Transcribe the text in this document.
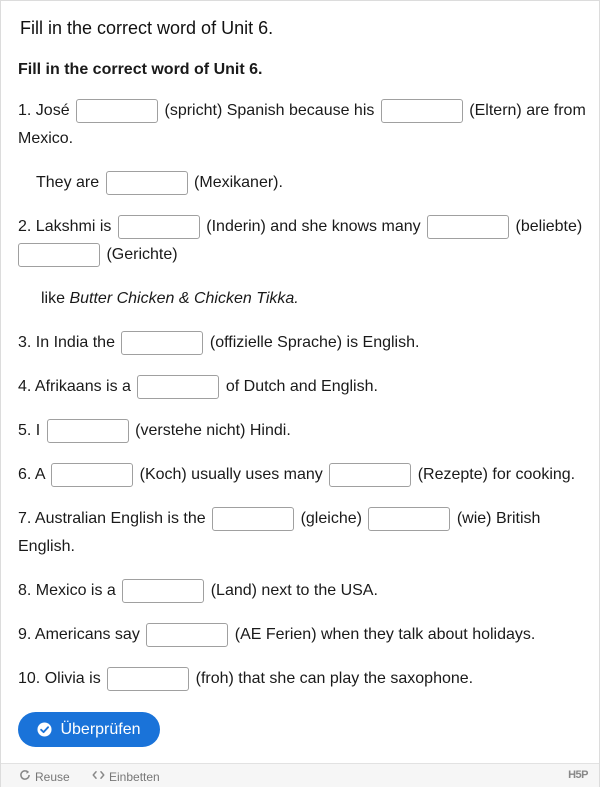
Fill in the correct word of Unit 6.
Fill in the correct word of Unit 6.
1. José	(spricht) Spanish because his	(Eltern) are from Mexico.
They are	(Mexikaner).
2. Lakshmi is	(Inderin) and she knows many	(beliebte)  (Gerichte)
like Butter Chicken & Chicken Tikka.
3. In India the	(offizielle Sprache) is English.
4. Afrikaans is a	of Dutch and English.
5. I	(verstehe nicht) Hindi.
6. A	(Koch) usually uses many	(Rezepte) for cooking.
7. Australian English is the	(gleiche)	(wie) British English.
8. Mexico is a	(Land) next to the USA.
9. Americans say	(AE Ferien) when they talk about holidays.
10. Olivia is	(froh) that she can play the saxophone.
Überprüfen
Reuse	Einbetten	H5P
